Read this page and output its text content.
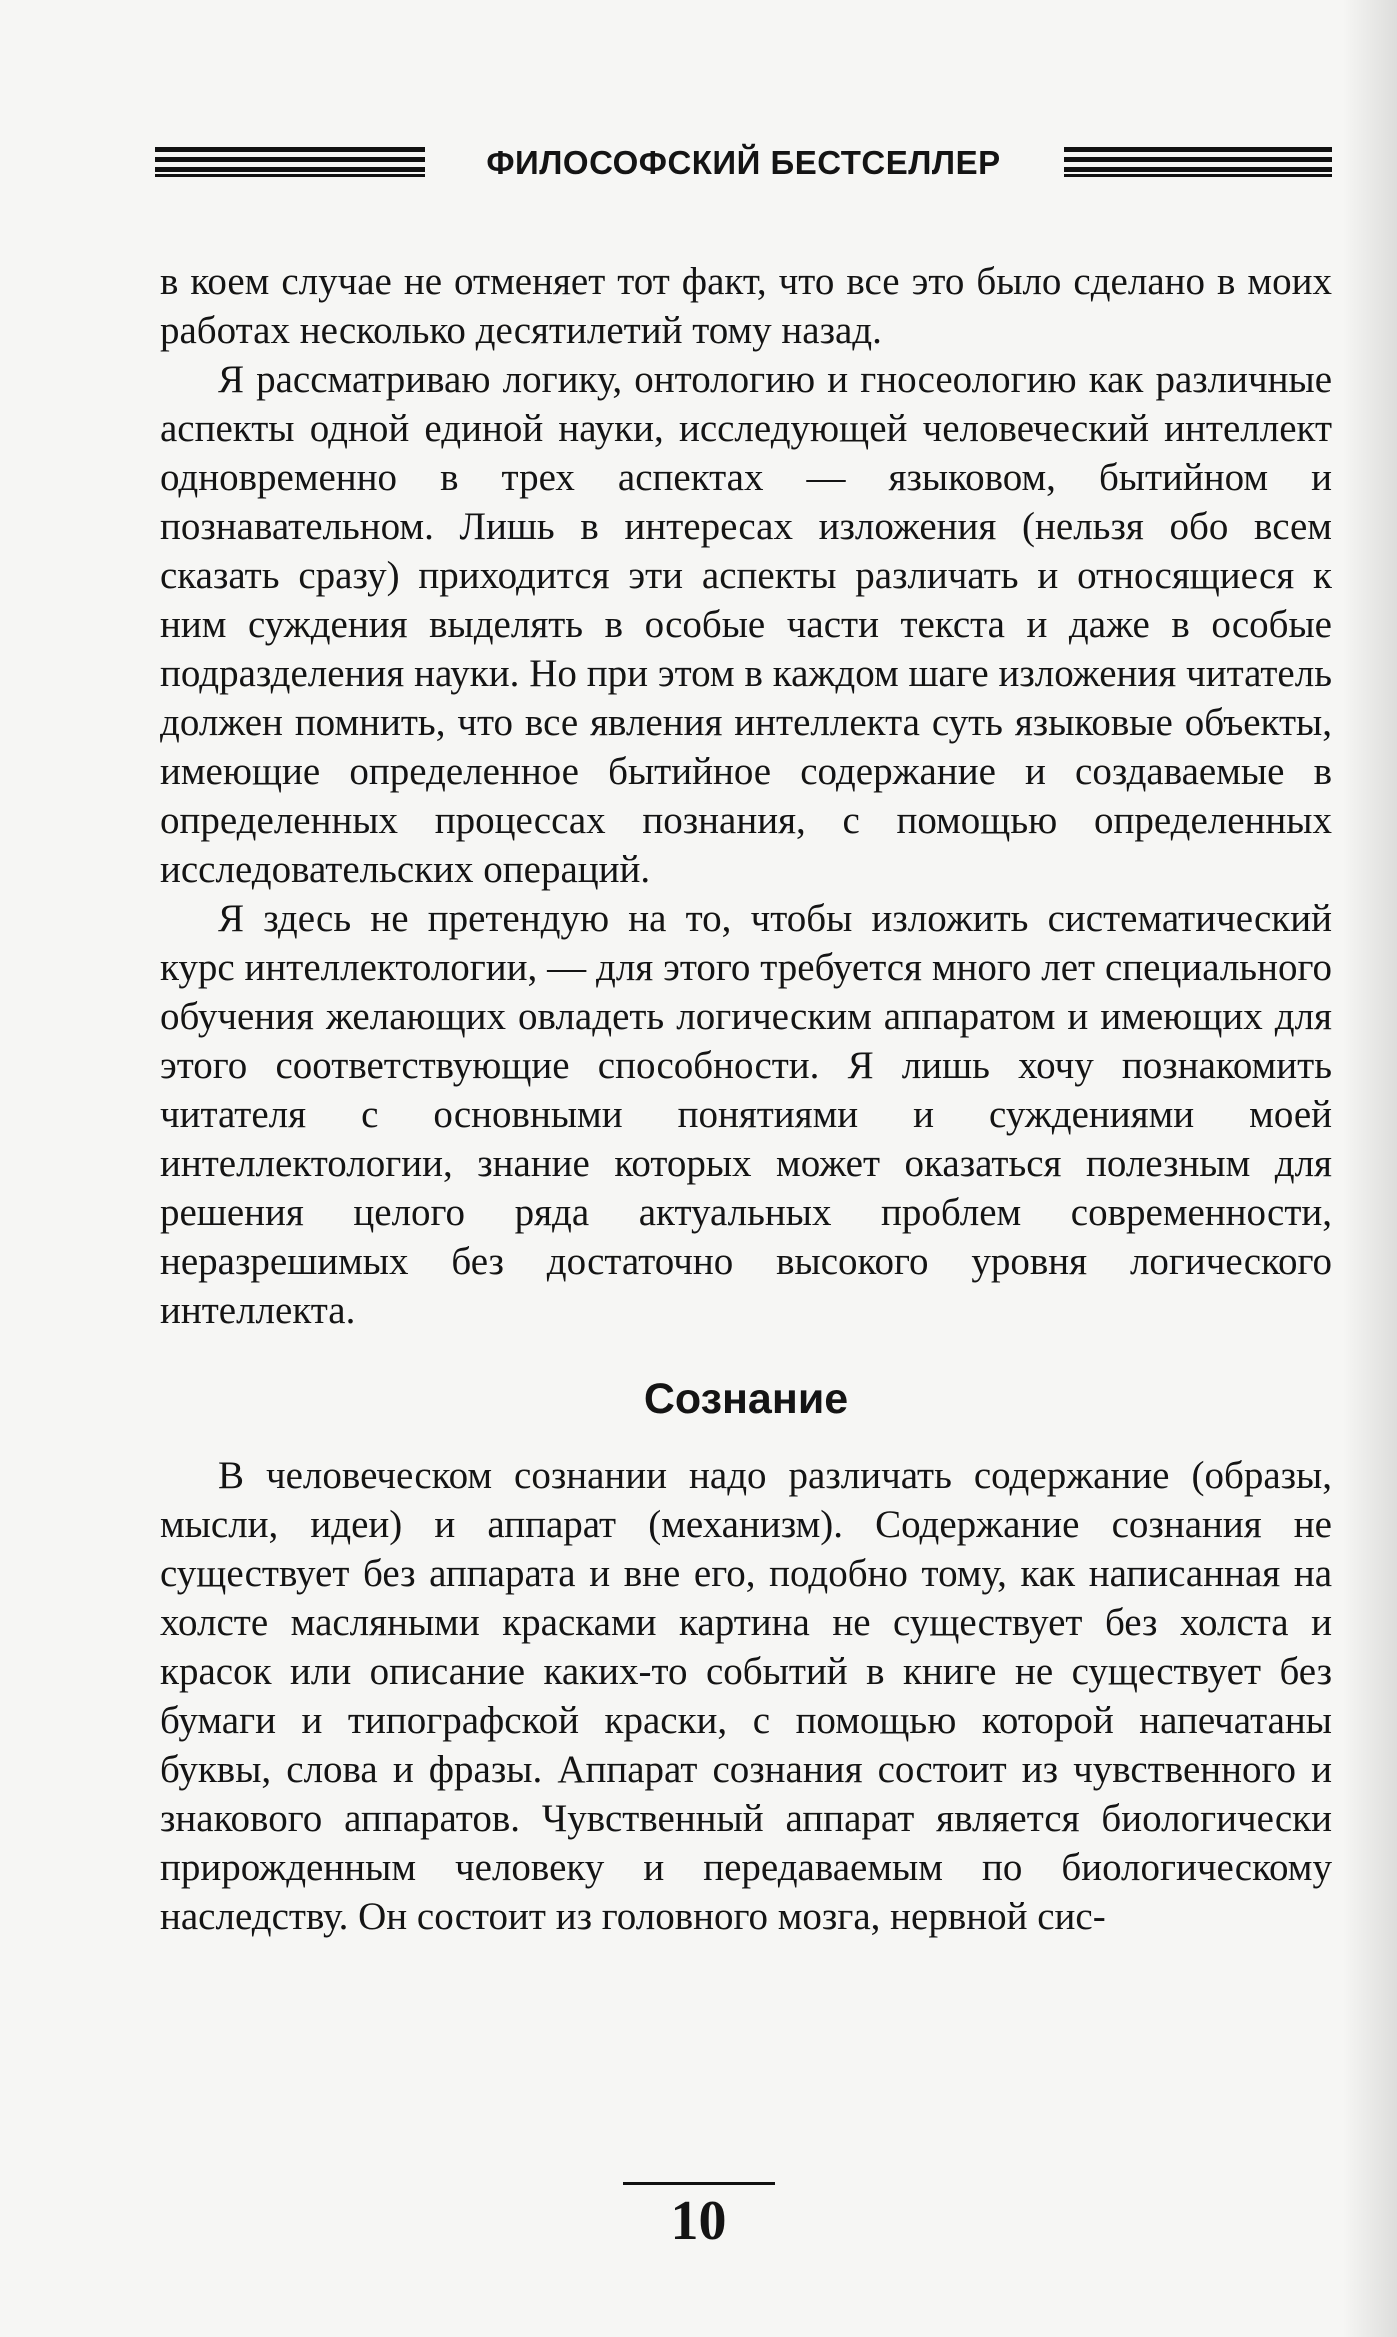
ФИЛОСОФСКИЙ БЕСТСЕЛЛЕР

в коем случае не отменяет тот факт, что все это было сделано в моих работах несколько десятилетий тому назад.

Я рассматриваю логику, онтологию и гносеологию как различные аспекты одной единой науки, исследующей человеческий интеллект одновременно в трех аспектах — языковом, бытийном и познавательном. Лишь в интересах изложения (нельзя обо всем сказать сразу) приходится эти аспекты различать и относящиеся к ним суждения выделять в особые части текста и даже в особые подразделения науки. Но при этом в каждом шаге изложения читатель должен помнить, что все явления интеллекта суть языковые объекты, имеющие определенное бытийное содержание и создаваемые в определенных процессах познания, с помощью определенных исследовательских операций.

Я здесь не претендую на то, чтобы изложить систематический курс интеллектологии, — для этого требуется много лет специального обучения желающих овладеть логическим аппаратом и имеющих для этого соответствующие способности. Я лишь хочу познакомить читателя с основными понятиями и суждениями моей интеллектологии, знание которых может оказаться полезным для решения целого ряда актуальных проблем современности, неразрешимых без достаточно высокого уровня логического интеллекта.

Сознание

В человеческом сознании надо различать содержание (образы, мысли, идеи) и аппарат (механизм). Содержание сознания не существует без аппарата и вне его, подобно тому, как написанная на холсте масляными красками картина не существует без холста и красок или описание каких-то событий в книге не существует без бумаги и типографской краски, с помощью которой напечатаны буквы, слова и фразы. Аппарат сознания состоит из чувственного и знакового аппаратов. Чувственный аппарат является биологически прирожденным человеку и передаваемым по биологическому наследству. Он состоит из головного мозга, нервной сис-

10
